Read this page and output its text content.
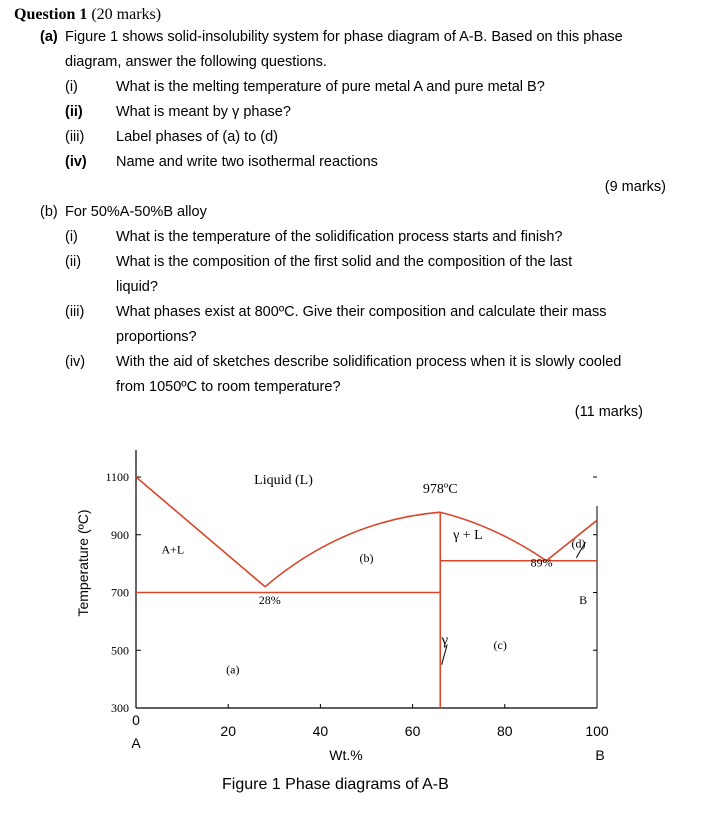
Question 1 (20 marks)
(a) Figure 1 shows solid-insolubility system for phase diagram of A-B. Based on this phase
diagram, answer the following questions.
(i)	What is the melting temperature of pure metal A and pure metal B?
(ii) What is meant by γ phase?
(iii) Label phases of (a) to (d)
(iv) Name and write two isothermal reactions
(9 marks)
(b) For 50%A-50%B alloy
(i)	What is the temperature of the solidification process starts and finish?
(ii) What is the composition of the first solid and the composition of the last
liquid?
(iii) What phases exist at 800ºC. Give their composition and calculate their mass
proportions?
(iv) With the aid of sketches describe solidification process when it is slowly cooled
from 1050ºC to room temperature?
(11 marks)
300
500
700
900
1100
0
20	40	60	80	100
A
B
Wt.%
Temperature (ºC)
Liquid (L)
978ºC
A+L
γ + L
(b)
(d)
89%
28%	B
γ	(c)
(a)
Figure 1 Phase diagrams of A-B
